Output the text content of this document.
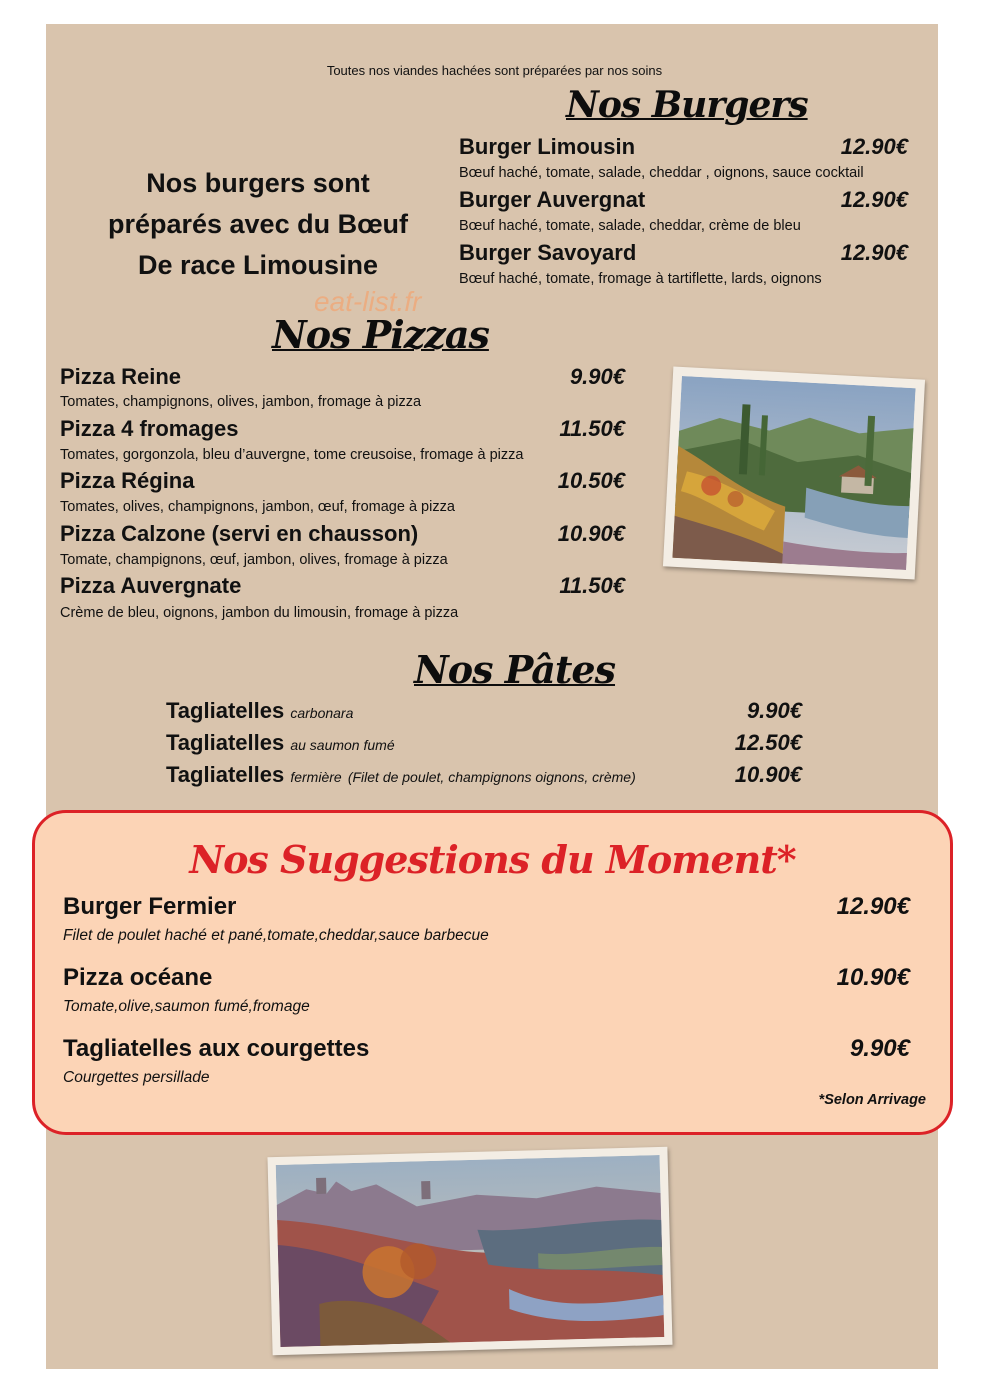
Toutes nos viandes hachées sont préparées par nos soins
Nos Burgers
Nos burgers sont
préparés avec du Bœuf
De race Limousine
Burger Limousin	12.90€
Bœuf haché, tomate, salade, cheddar , oignons, sauce cocktail
Burger Auvergnat	12.90€
Bœuf haché, tomate, salade, cheddar, crème de bleu
Burger Savoyard	12.90€
Bœuf haché, tomate, fromage à tartiflette, lards, oignons
eat-list.fr
Nos Pizzas
Pizza Reine	9.90€
Tomates, champignons, olives, jambon, fromage à pizza
Pizza 4 fromages	11.50€
Tomates, gorgonzola, bleu d’auvergne, tome creusoise, fromage à pizza
Pizza Régina	10.50€
Tomates, olives, champignons, jambon, œuf, fromage à pizza
Pizza Calzone (servi en chausson)	10.90€
Tomate, champignons, œuf, jambon, olives, fromage à pizza
Pizza Auvergnate	11.50€
Crème de bleu, oignons, jambon du limousin, fromage à pizza
Nos Pâtes
Tagliatelles carbonara	9.90€
Tagliatelles au saumon fumé	12.50€
Tagliatelles fermière (Filet de poulet, champignons oignons, crème)	10.90€
Nos Suggestions du Moment*
Burger Fermier	12.90€
Filet de poulet haché et pané,tomate,cheddar,sauce barbecue
Pizza océane	10.90€
Tomate,olive,saumon fumé,fromage
Tagliatelles aux courgettes	9.90€
Courgettes persillade
*Selon Arrivage
